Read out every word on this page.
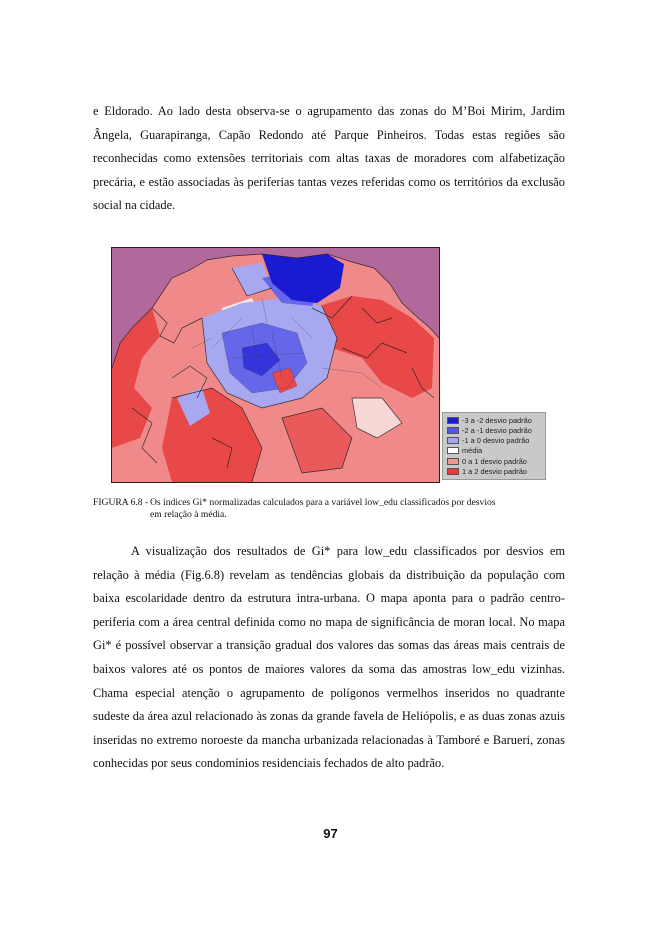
e Eldorado. Ao lado desta observa-se o agrupamento das zonas do M’Boi Mirim, Jardim Ângela, Guarapiranga, Capão Redondo até Parque Pinheiros. Todas estas regiões são reconhecidas como extensões territoriais com altas taxas de moradores com alfabetização precária, e estão associadas às periferias tantas vezes referidas como os territórios da exclusão social na cidade.

-3 a -2 desvio padrão
-2 a -1 desvio padrão
-1 a 0 desvio padrão
média
0 a 1 desvio padrão
1 a 2 desvio padrão

FIGURA 6.8 - Os índices Gi* normalizadas calculados para a variável low_edu classificados por desvios
em relação à média.

A visualização dos resultados de Gi* para low_edu classificados por desvios em relação à média (Fig.6.8) revelam as tendências globais da distribuição da população com baixa escolaridade dentro da estrutura intra-urbana. O mapa aponta para o padrão centro-periferia com a área central definida como no mapa de significância de moran local. No mapa Gi* é possível observar a transição gradual dos valores das somas das áreas mais centrais de baixos valores até os pontos de maiores valores da soma das amostras low_edu vizinhas. Chama especial atenção o agrupamento de polígonos vermelhos inseridos no quadrante sudeste da área azul relacionado às zonas da grande favela de Heliópolis, e as duas zonas azuis inseridas no extremo noroeste da mancha urbanizada relacionadas à Tamboré e Barueri, zonas conhecidas por seus condomínios residenciais fechados de alto padrão.

97
